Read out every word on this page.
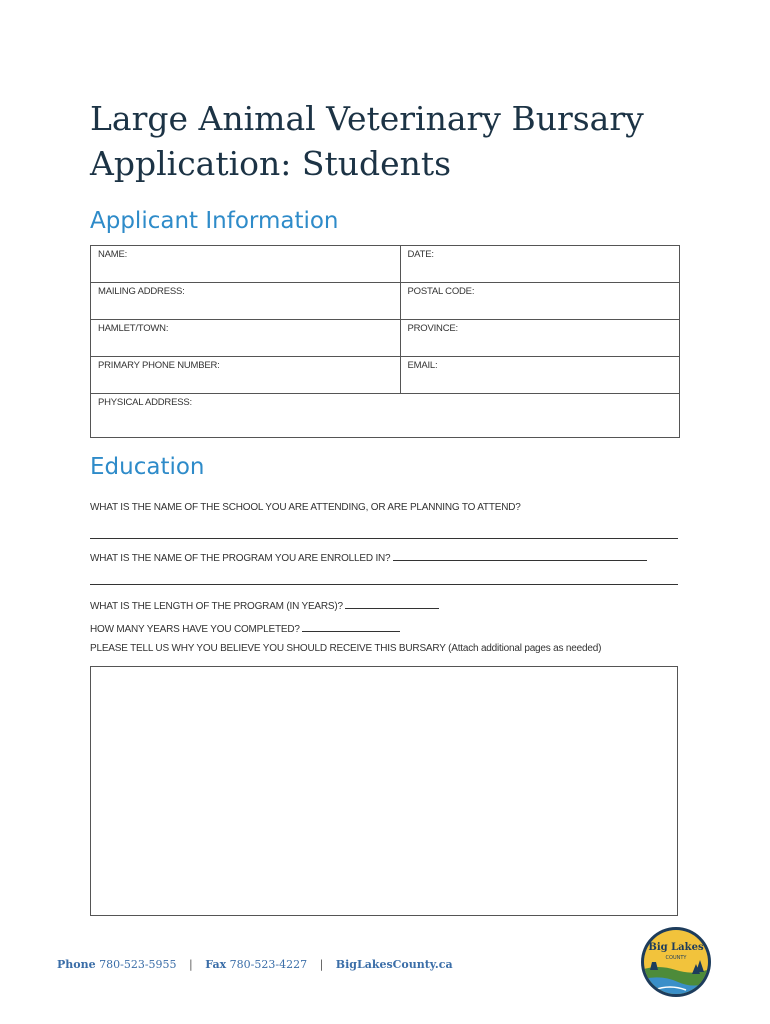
Large Animal Veterinary Bursary
Application: Students
Applicant Information
NAME:	DATE:
MAILING ADDRESS:	POSTAL CODE:
HAMLET/TOWN:	PROVINCE:
PRIMARY PHONE NUMBER:	EMAIL:
PHYSICAL ADDRESS:	
Education
WHAT IS THE NAME OF THE SCHOOL YOU ARE ATTENDING, OR ARE PLANNING TO ATTEND?
WHAT IS THE NAME OF THE PROGRAM YOU ARE ENROLLED IN?
WHAT IS THE LENGTH OF THE PROGRAM (IN YEARS)?
HOW MANY YEARS HAVE YOU COMPLETED?
PLEASE TELL US WHY YOU BELIEVE YOU SHOULD RECEIVE THIS BURSARY (Attach additional pages as needed)
Phone 780-523-5955 | Fax 780-523-4227 | BigLakesCounty.ca
Big Lakes
COUNTY
